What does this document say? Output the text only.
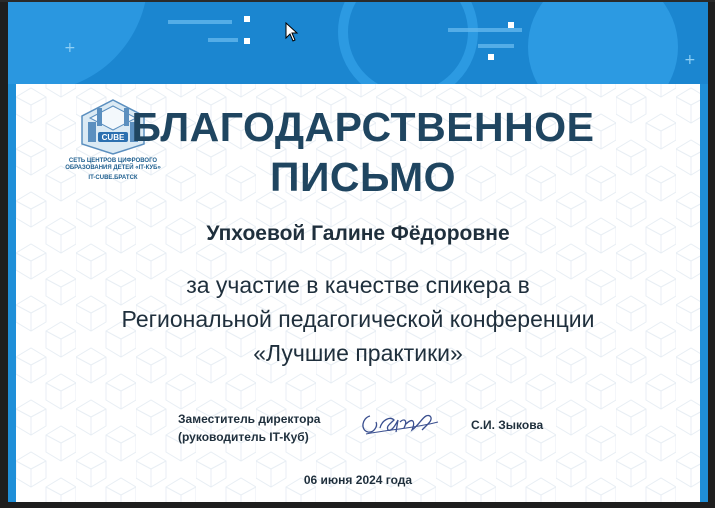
+
+
CUBE
СЕТЬ ЦЕНТРОВ ЦИФРОВОГО
ОБРАЗОВАНИЯ ДЕТЕЙ «IT-КУБ»
IT-CUBE.БРАТСК
БЛАГОДАРСТВЕННОЕ ПИСЬМО
Упхоевой Галине Фёдоровне
за участие в качестве спикера в
Региональной педагогической конференции
«Лучшие практики»
Заместитель директора
(руководитель IT-Куб)
С.И. Зыкова
06 июня 2024 года
